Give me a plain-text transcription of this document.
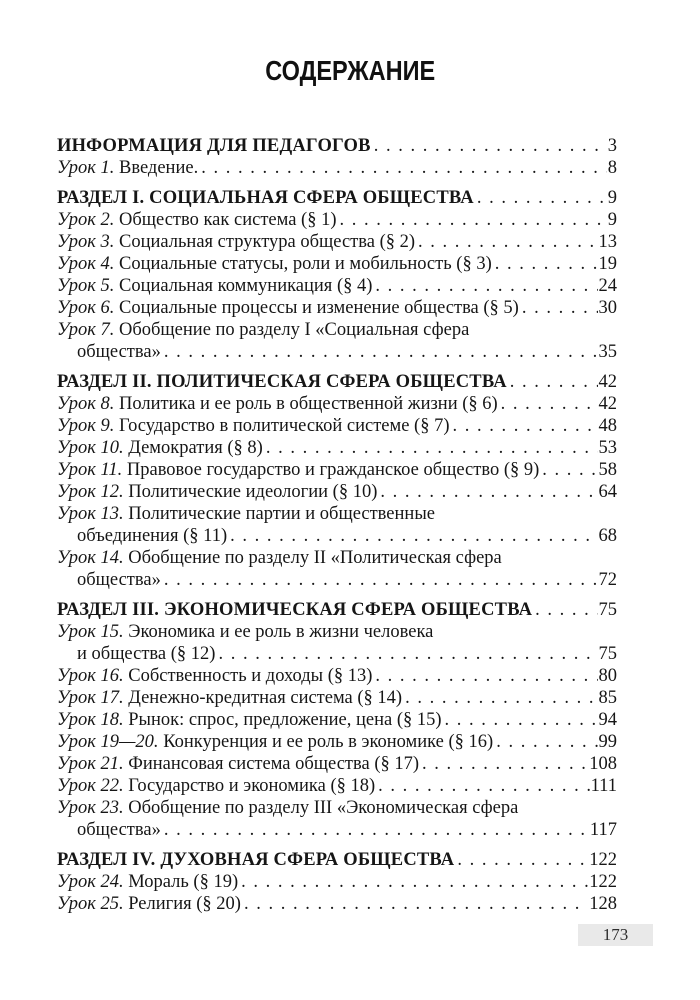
СОДЕРЖАНИЕ
ИНФОРМАЦИЯ ДЛЯ ПЕДАГОГОВ . . .	3
Урок 1. Введение. . . .	8
РАЗДЕЛ I. СОЦИАЛЬНАЯ СФЕРА ОБЩЕСТВА . . .	9
Урок 2. Общество как система (§ 1) . . .	9
Урок 3. Социальная структура общества (§ 2) . . .	13
Урок 4. Социальные статусы, роли и мобильность (§ 3) . . .	19
Урок 5. Социальная коммуникация (§ 4) . . .	24
Урок 6. Социальные процессы и изменение общества (§ 5) . . .	30
Урок 7. Обобщение по разделу I «Социальная сфера
общества» . . .	35
РАЗДЕЛ II. ПОЛИТИЧЕСКАЯ СФЕРА ОБЩЕСТВА . . .	42
Урок 8. Политика и ее роль в общественной жизни (§ 6) . . .	42
Урок 9. Государство в политической системе (§ 7) . . .	48
Урок 10. Демократия (§ 8) . . .	53
Урок 11. Правовое государство и гражданское общество (§ 9) . . .	58
Урок 12. Политические идеологии (§ 10) . . .	64
Урок 13. Политические партии и общественные
объединения (§ 11) . . .	68
Урок 14. Обобщение по разделу II «Политическая сфера
общества» . . .	72
РАЗДЕЛ III. ЭКОНОМИЧЕСКАЯ СФЕРА ОБЩЕСТВА . . .	75
Урок 15. Экономика и ее роль в жизни человека
и общества (§ 12) . . .	75
Урок 16. Собственность и доходы (§ 13) . . .	80
Урок 17. Денежно-кредитная система (§ 14) . . .	85
Урок 18. Рынок: спрос, предложение, цена (§ 15) . . .	94
Урок 19—20. Конкуренция и ее роль в экономике (§ 16) . . .	99
Урок 21. Финансовая система общества (§ 17) . . .	108
Урок 22. Государство и экономика (§ 18) . . .	111
Урок 23. Обобщение по разделу III «Экономическая сфера
общества» . . .	117
РАЗДЕЛ IV. ДУХОВНАЯ СФЕРА ОБЩЕСТВА . . .	122
Урок 24. Мораль (§ 19) . . .	122
Урок 25. Религия (§ 20) . . .	128
173
